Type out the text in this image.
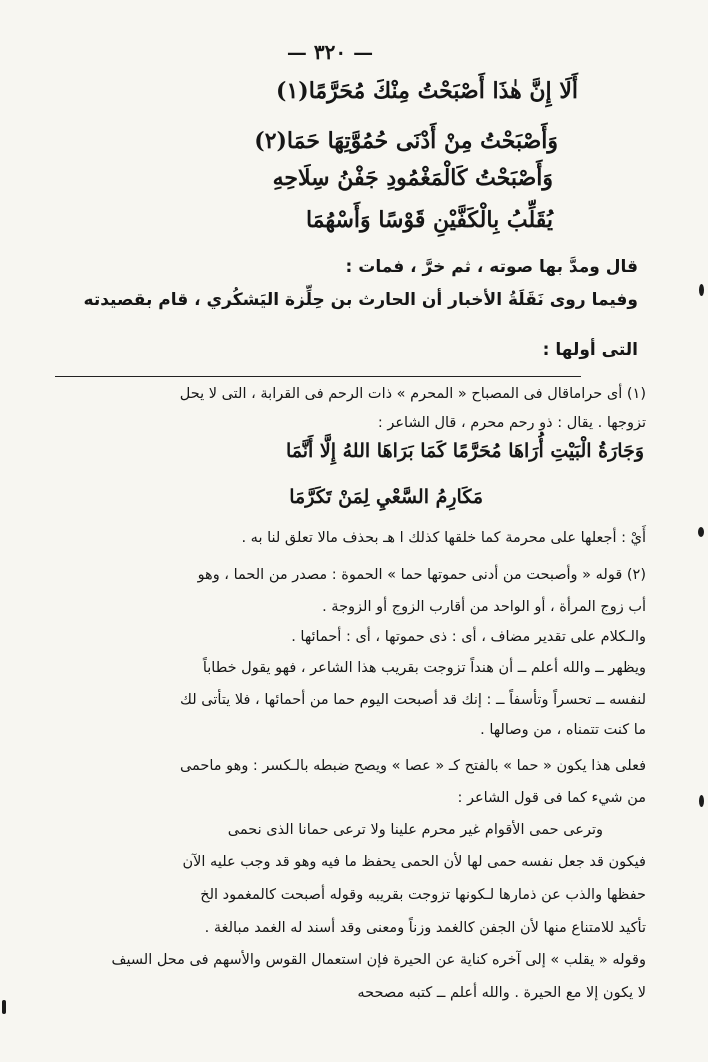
— ٣٢٠ —
أَلَا إِنَّ هٰذَا أَصْبَحْتُ مِنْكَ مُحَرَّمًا(١)
وَأَصْبَحْتُ مِنْ أَدْنَى حُمُوَّتِهَا حَمَا(٢)
وَأَصْبَحْتُ كَالْمَغْمُودِ جَفْنُ سِلَاحِهِ
يُقَلِّبُ بِالْكَفَّيْنِ قَوْسًا وَأَسْهُمَا
قال ومدَّ بها صوته ، ثم خرَّ ، فمات :
وفيما روى نَقَلَةُ الأخبار أن الحارث بن حِلِّزة اليَشكُري ، قام بقصيدته
التى أولها :
(١) أى حراماقال فى المصباح « المحرم » ذات الرحم فى القرابة ، التى لا يحل
تزوجها . يقال : ذو رحم محرم ، قال الشاعر :
وَجَارَةُ الْبَيْتِ أُرَاهَا مُحَرَّمًا كَمَا بَرَاهَا اللهُ إِلَّا أَنَّمَا
مَكَارِمُ السَّعْيِ لِمَنْ تَكَرَّمَا
أَيْ : أجعلها على محرمة كما خلقها كذلك ا هـ بحذف مالا تعلق لنا به .
(٢) قوله « وأصبحت من أدنى حموتها حما » الحموة : مصدر من الحما ، وهو
أب زوج المرأة ، أو الواحد من أقارب الزوج أو الزوجة .
والـكلام على تقدير مضاف ، أى : ذى حموتها ، أى : أحمائها .
ويظهر ــ والله أعلم ــ أن هنداً تزوجت بقريب هذا الشاعر ، فهو يقول خطاباً
لنفسه ــ تحسراً وتأسفاً ــ : إنك قد أصبحت اليوم حما من أحمائها ، فلا يتأتى لك
ما كنت تتمناه ، من وصالها .
فعلى هذا يكون « حما » بالفتح كـ « عصا » ويصح ضبطه بالـكسر : وهو ماحمى
من شيء كما فى قول الشاعر :
وترعى حمى الأقوام غير محرم علينا ولا ترعى حمانا الذى نحمى
فيكون قد جعل نفسه حمى لها لأن الحمى يحفظ ما فيه وهو قد وجب عليه الآن
حفظها والذب عن ذمارها لـكونها تزوجت بقريبه وقوله أصبحت كالمغمود الخ
تأكيد للامتناع منها لأن الجفن كالغمد وزناً ومعنى وقد أسند له الغمد مبالغة .
وقوله « يقلب » إلى آخره كناية عن الحيرة فإن استعمال القوس والأسهم فى محل السيف
لا يكون إلا مع الحيرة . والله أعلم ــ كتبه مصححه
